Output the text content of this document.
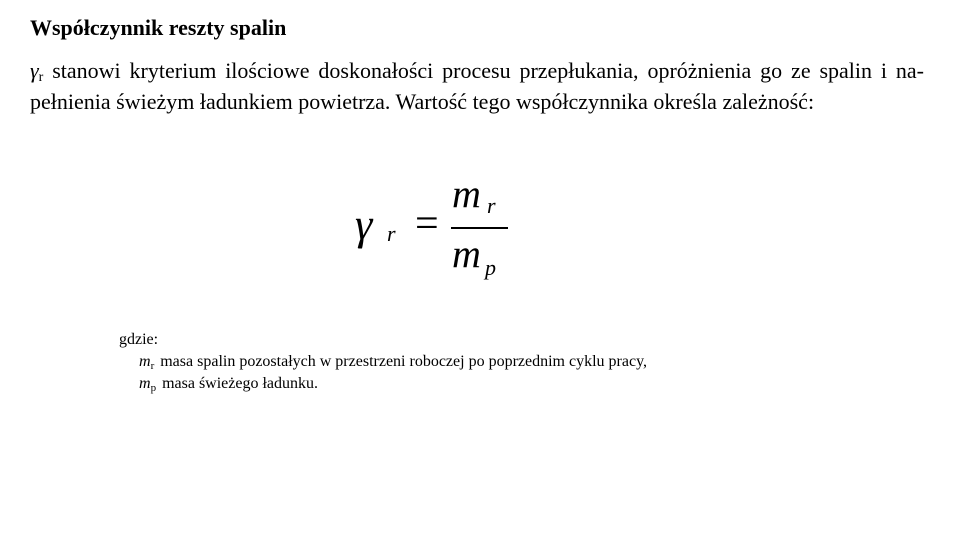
Współczynnik reszty spalin
$\gamma_r$ stanowi kryterium ilościowe doskonałości procesu przepłukania, opróżnienia go ze spalin i na-pełnienia świeżym ładunkiem powietrza. Wartość tego współczynnika określa zależność:
γ r =
m r
m p
gdzie:
mr masa spalin pozostałych w przestrzeni roboczej po poprzednim cyklu pracy,
mp masa świeżego ładunku.
